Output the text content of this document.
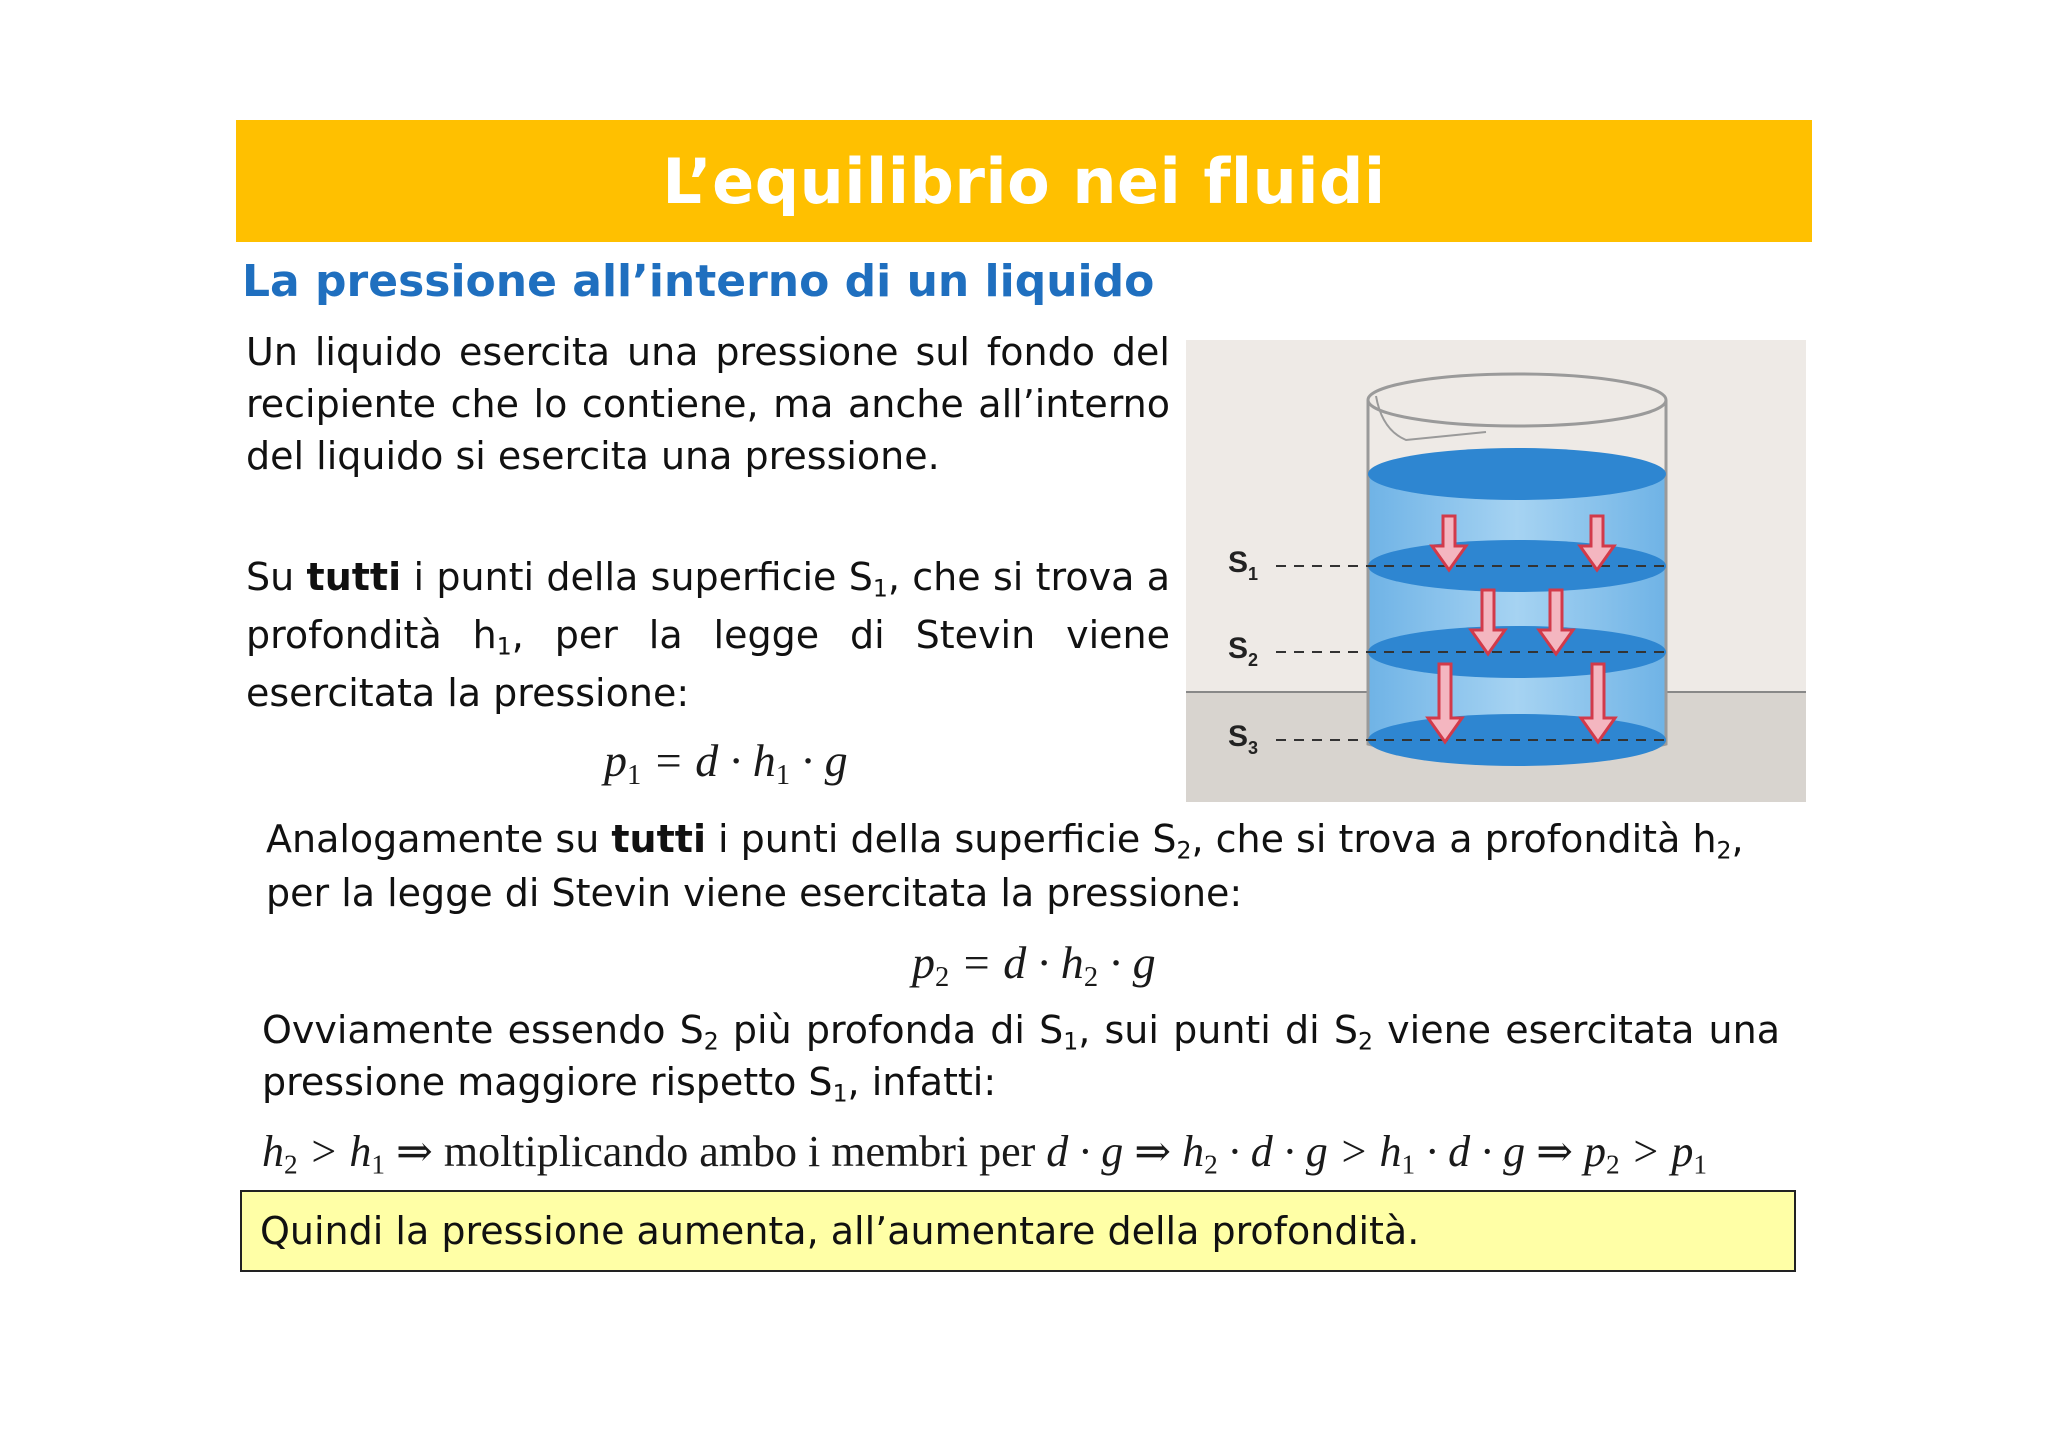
L’equilibrio nei fluidi
La pressione all’interno di un liquido
Un liquido esercita una pressione sul fondo del recipiente che lo contiene, ma anche all’interno del liquido si esercita una pressione.
Su tutti i punti della superficie $S_1$, che si trova a profondità $h_1$, per la legge di Stevin viene esercitata la pressione:
$p_1 = d \cdot h_1 \cdot g$
Analogamente su tutti i punti della superficie $S_2$, che si trova a profondità $h_2$, per la legge di Stevin viene esercitata la pressione:
$p_2 = d \cdot h_2 \cdot g$
Ovviamente essendo $S_2$ più profonda di $S_1$, sui punti di $S_2$ viene esercitata una pressione maggiore rispetto $S_1$, infatti:
$h_2 > h_1$ ⇒ moltiplicando ambo i membri per d · g ⇒ $h_2 \cdot d \cdot g > h_1 \cdot d \cdot g$ ⇒ $p_2 > p_1$
Quindi la pressione aumenta, all’aumentare della profondità.
$S_1$
$S_2$
$S_3$
